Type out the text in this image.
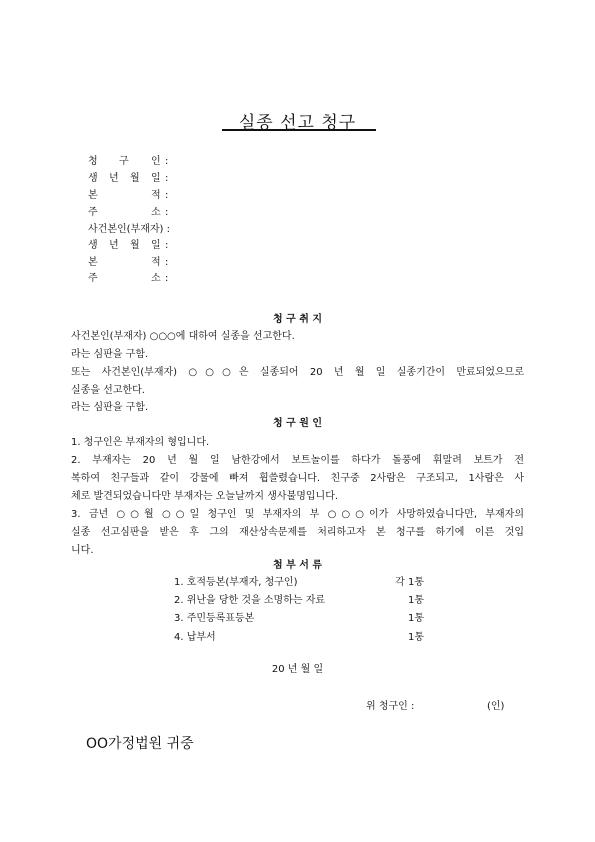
실종 선고 청구
청 구 인 :
생 년 월 일 :
본	적 :
주	소 :
사건본인(부재자) :
생 년 월 일 :
본	적 :
주	소 :
청 구 취 지
사건본인(부재자) ○○○에 대하여 실종을 선고한다.
라는 심판을 구함.
또는 사건본인(부재자) ○○○은 실종되어 20 년 월 일 실종기간이 만료되었으므로
실종을 선고한다.
라는 심판을 구함.
청 구 원 인
1. 청구인은 부재자의 형입니다.
2. 부재자는 20 년 월 일 남한강에서 보트놀이를 하다가 돌풍에 휘말려 보트가 전
복하여 친구들과 같이 강물에 빠져 휩쓸렸습니다. 친구중 2사람은 구조되고, 1사람은 사
체로 발견되었습니다만 부재자는 오늘날까지 생사불명입니다.
3. 금년 ○○월 ○○일 청구인 및 부재자의 부 ○○○이가 사망하였습니다만, 부재자의
실종 선고심판을 받은 후 그의 재산상속문제를 처리하고자 본 청구를 하기에 이른 것입
니다.
첨 부 서 류
1. 호적등본(부재자, 청구인)	각 1통
2. 위난을 당한 것을 소명하는 자료	1통
3. 주민등록표등본	1통
4. 납부서	1통
20 년 월 일
위 청구인 :	(인)
OO가정법원 귀중
